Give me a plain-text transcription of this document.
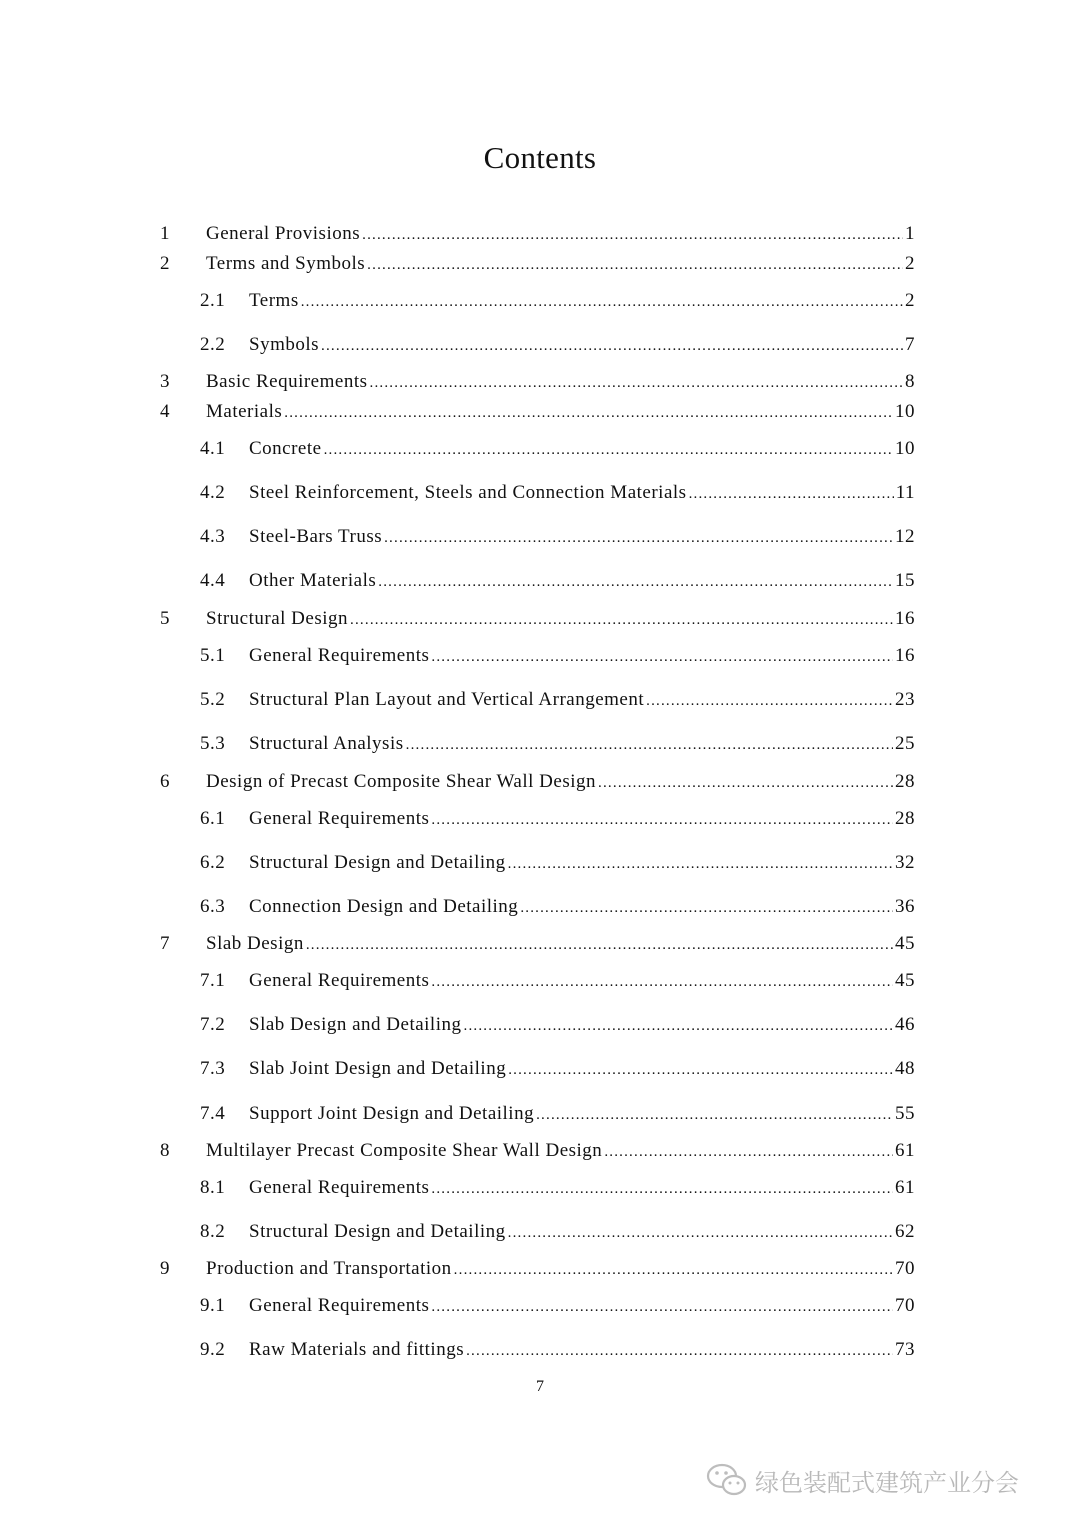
Contents
1	General Provisions .....	1
2	Terms and Symbols .....	2
2.1	Terms .....	2
2.2	Symbols .....	7
3	Basic Requirements .....	8
4	Materials .....	10
4.1	Concrete .....	10
4.2	Steel Reinforcement, Steels and Connection Materials .....	11
4.3	Steel-Bars Truss .....	12
4.4	Other Materials .....	15
5	Structural Design .....	16
5.1	General Requirements .....	16
5.2	Structural Plan Layout and Vertical Arrangement .....	23
5.3	Structural Analysis .....	25
6	Design of Precast Composite Shear Wall Design .....	28
6.1	General Requirements .....	28
6.2	Structural Design and Detailing .....	32
6.3	Connection Design and Detailing .....	36
7	Slab Design .....	45
7.1	General Requirements .....	45
7.2	Slab Design and Detailing .....	46
7.3	Slab Joint Design and Detailing .....	48
7.4	Support Joint Design and Detailing .....	55
8	Multilayer Precast Composite Shear Wall Design .....	61
8.1	General Requirements .....	61
8.2	Structural Design and Detailing .....	62
9	Production and Transportation .....	70
9.1	General Requirements .....	70
9.2	Raw Materials and fittings .....	73
7
绿色装配式建筑产业分会
